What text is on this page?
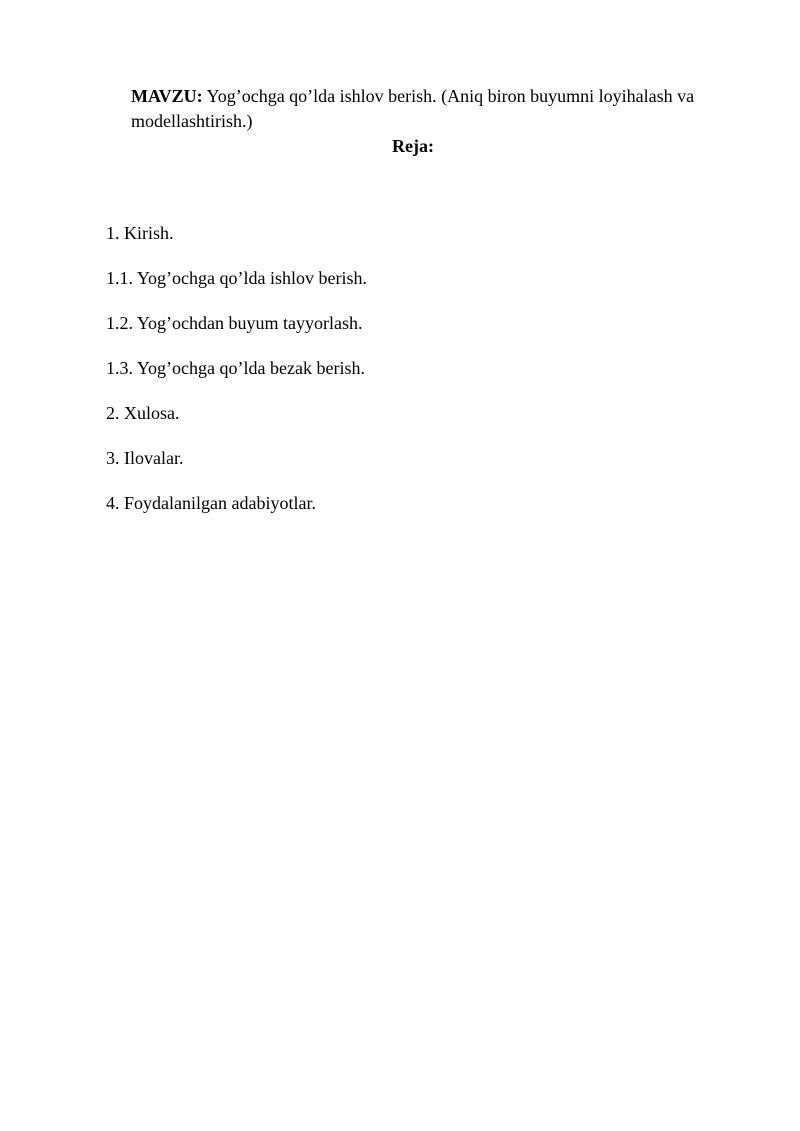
MAVZU: Yog’ochga qo’lda ishlov berish. (Aniq biron buyumni loyihalash va modellashtirish.)

Reja:
1. Kirish.
1.1. Yog’ochga qo’lda ishlov berish.
1.2. Yog’ochdan buyum tayyorlash.
1.3. Yog’ochga qo’lda bezak berish.
2. Xulosa.
3. Ilovalar.
4. Foydalanilgan adabiyotlar.
